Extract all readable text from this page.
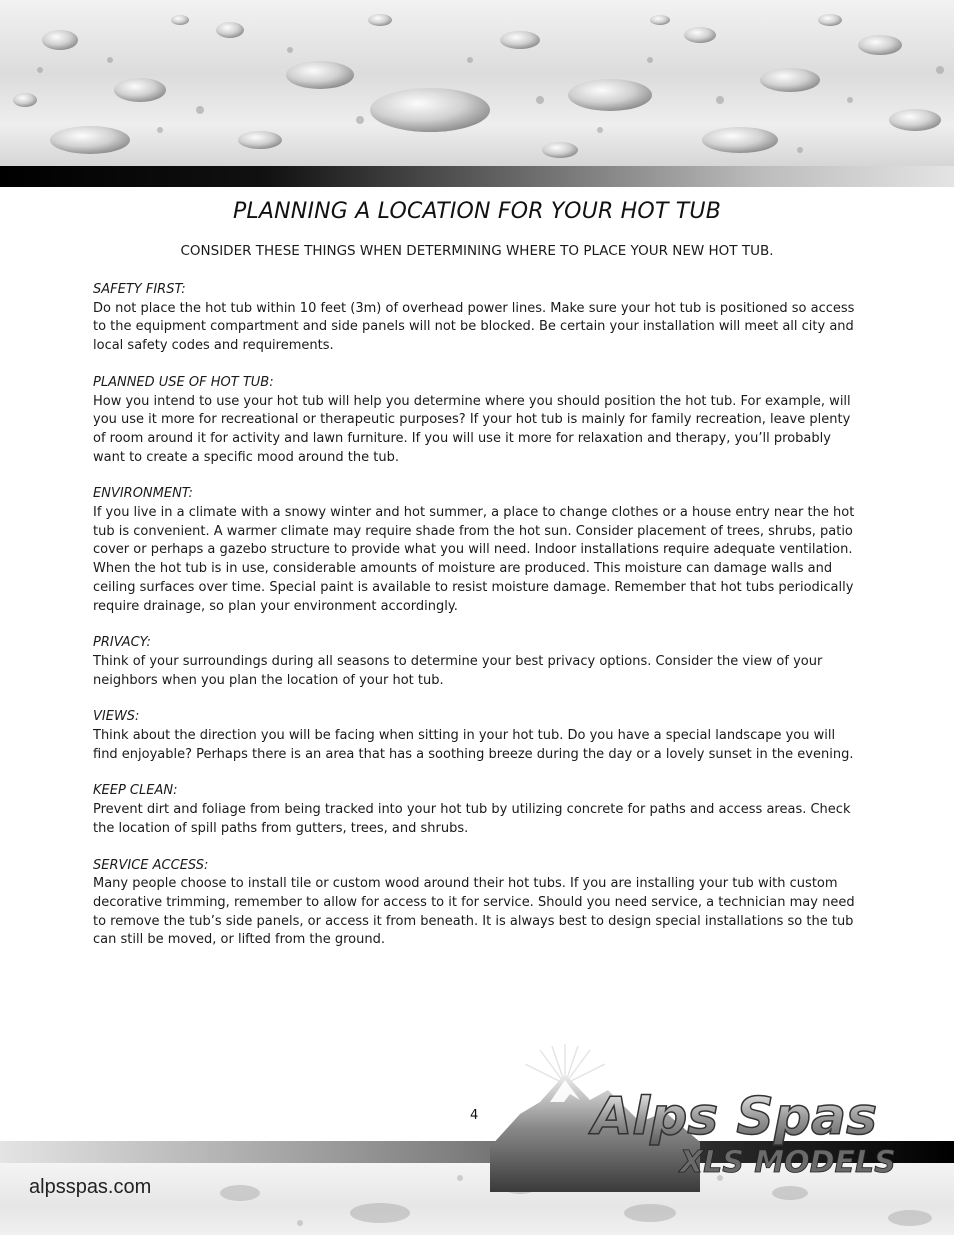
PLANNING A LOCATION FOR YOUR HOT TUB
CONSIDER THESE THINGS WHEN DETERMINING WHERE TO PLACE YOUR NEW HOT TUB.
SAFETY FIRST:
Do not place the hot tub within 10 feet (3m) of overhead power lines. Make sure your hot tub is positioned so access to the equipment compartment and side panels will not be blocked. Be certain your installation will meet all city and local safety codes and requirements.
PLANNED USE OF HOT TUB:
How you intend to use your hot tub will help you determine where you should position the hot tub. For example, will you use it more for recreational or therapeutic purposes? If your hot tub is mainly for family recreation, leave plenty of room around it for activity and lawn furniture. If you will use it more for relaxation and therapy, you’ll probably want to create a specific mood around the tub.
ENVIRONMENT:
If you live in a climate with a snowy winter and hot summer, a place to change clothes or a house entry near the hot tub is convenient. A warmer climate may require shade from the hot sun. Consider placement of trees, shrubs, patio cover or perhaps a gazebo structure to provide what you will need. Indoor installations require adequate ventilation. When the hot tub is in use, considerable amounts of moisture are produced. This moisture can damage walls and ceiling surfaces over time. Special paint is available to resist moisture damage. Remember that hot tubs periodically require drainage, so plan your environment accordingly.
PRIVACY:
Think of your surroundings during all seasons to determine your best privacy options. Consider the view of your neighbors when you plan the location of your hot tub.
VIEWS:
Think about the direction you will be facing when sitting in your hot tub. Do you have a special landscape you will find enjoyable? Perhaps there is an area that has a soothing breeze during the day or a lovely sunset in the evening.
KEEP CLEAN:
Prevent dirt and foliage from being tracked into your hot tub by utilizing concrete for paths and access areas. Check the location of spill paths from gutters, trees, and shrubs.
SERVICE ACCESS:
Many people choose to install tile or custom wood around their hot tubs. If you are installing your tub with custom decorative trimming, remember to allow for access to it for service. Should you need service, a technician may need to remove the tub’s side panels, or access it from beneath. It is always best to design special installations so the tub can still be moved, or lifted from the ground.
4 Alps Spas
XLS MODELS
alpsspas.com
